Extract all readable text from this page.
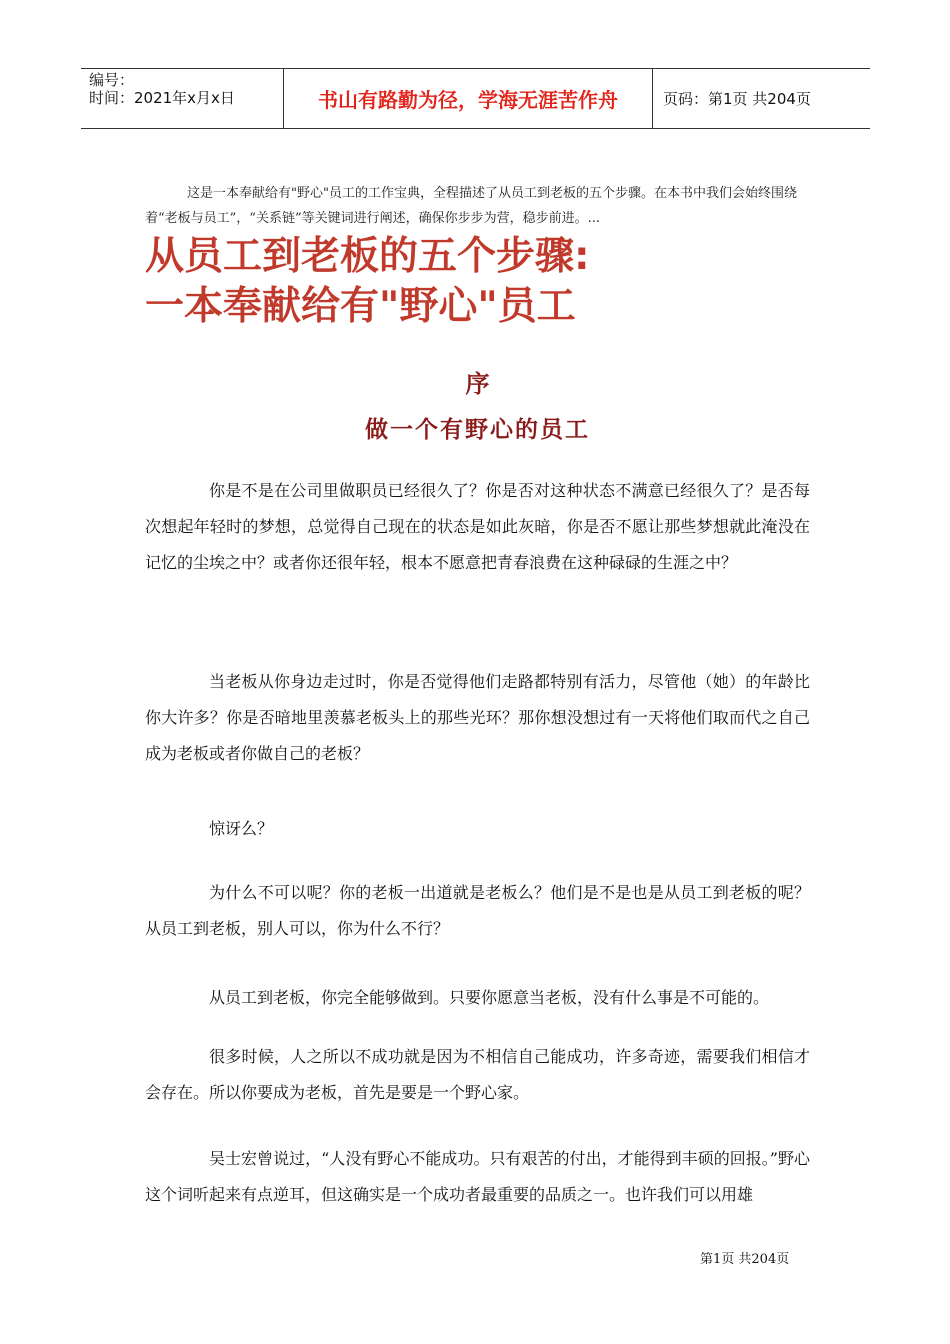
编号：
时间：2021年x月x日	书山有路勤为径，学海无涯苦作舟	页码：第1页 共204页

这是一本奉献给有"野心"员工的工作宝典，全程描述了从员工到老板的五个步骤。在本书中我们会始终围绕着“老板与员工”，“关系链”等关键词进行阐述，确保你步步为营，稳步前进。...

从员工到老板的五个步骤:
一本奉献给有"野心"员工
序
做一个有野心的员工

你是不是在公司里做职员已经很久了？你是否对这种状态不满意已经很久了？是否每次想起年轻时的梦想，总觉得自己现在的状态是如此灰暗，你是否不愿让那些梦想就此淹没在记忆的尘埃之中？或者你还很年轻，根本不愿意把青春浪费在这种碌碌的生涯之中？

当老板从你身边走过时，你是否觉得他们走路都特别有活力，尽管他（她）的年龄比你大许多？你是否暗地里羡慕老板头上的那些光环？那你想没想过有一天将他们取而代之自己成为老板或者你做自己的老板？

惊讶么？

为什么不可以呢？你的老板一出道就是老板么？他们是不是也是从员工到老板的呢？从员工到老板，别人可以，你为什么不行？

从员工到老板，你完全能够做到。只要你愿意当老板，没有什么事是不可能的。

很多时候，人之所以不成功就是因为不相信自己能成功，许多奇迹，需要我们相信才会存在。所以你要成为老板，首先是要是一个野心家。

吴士宏曾说过，“人没有野心不能成功。只有艰苦的付出，才能得到丰硕的回报。”野心这个词听起来有点逆耳，但这确实是一个成功者最重要的品质之一。也许我们可以用雄

第1页 共204页
